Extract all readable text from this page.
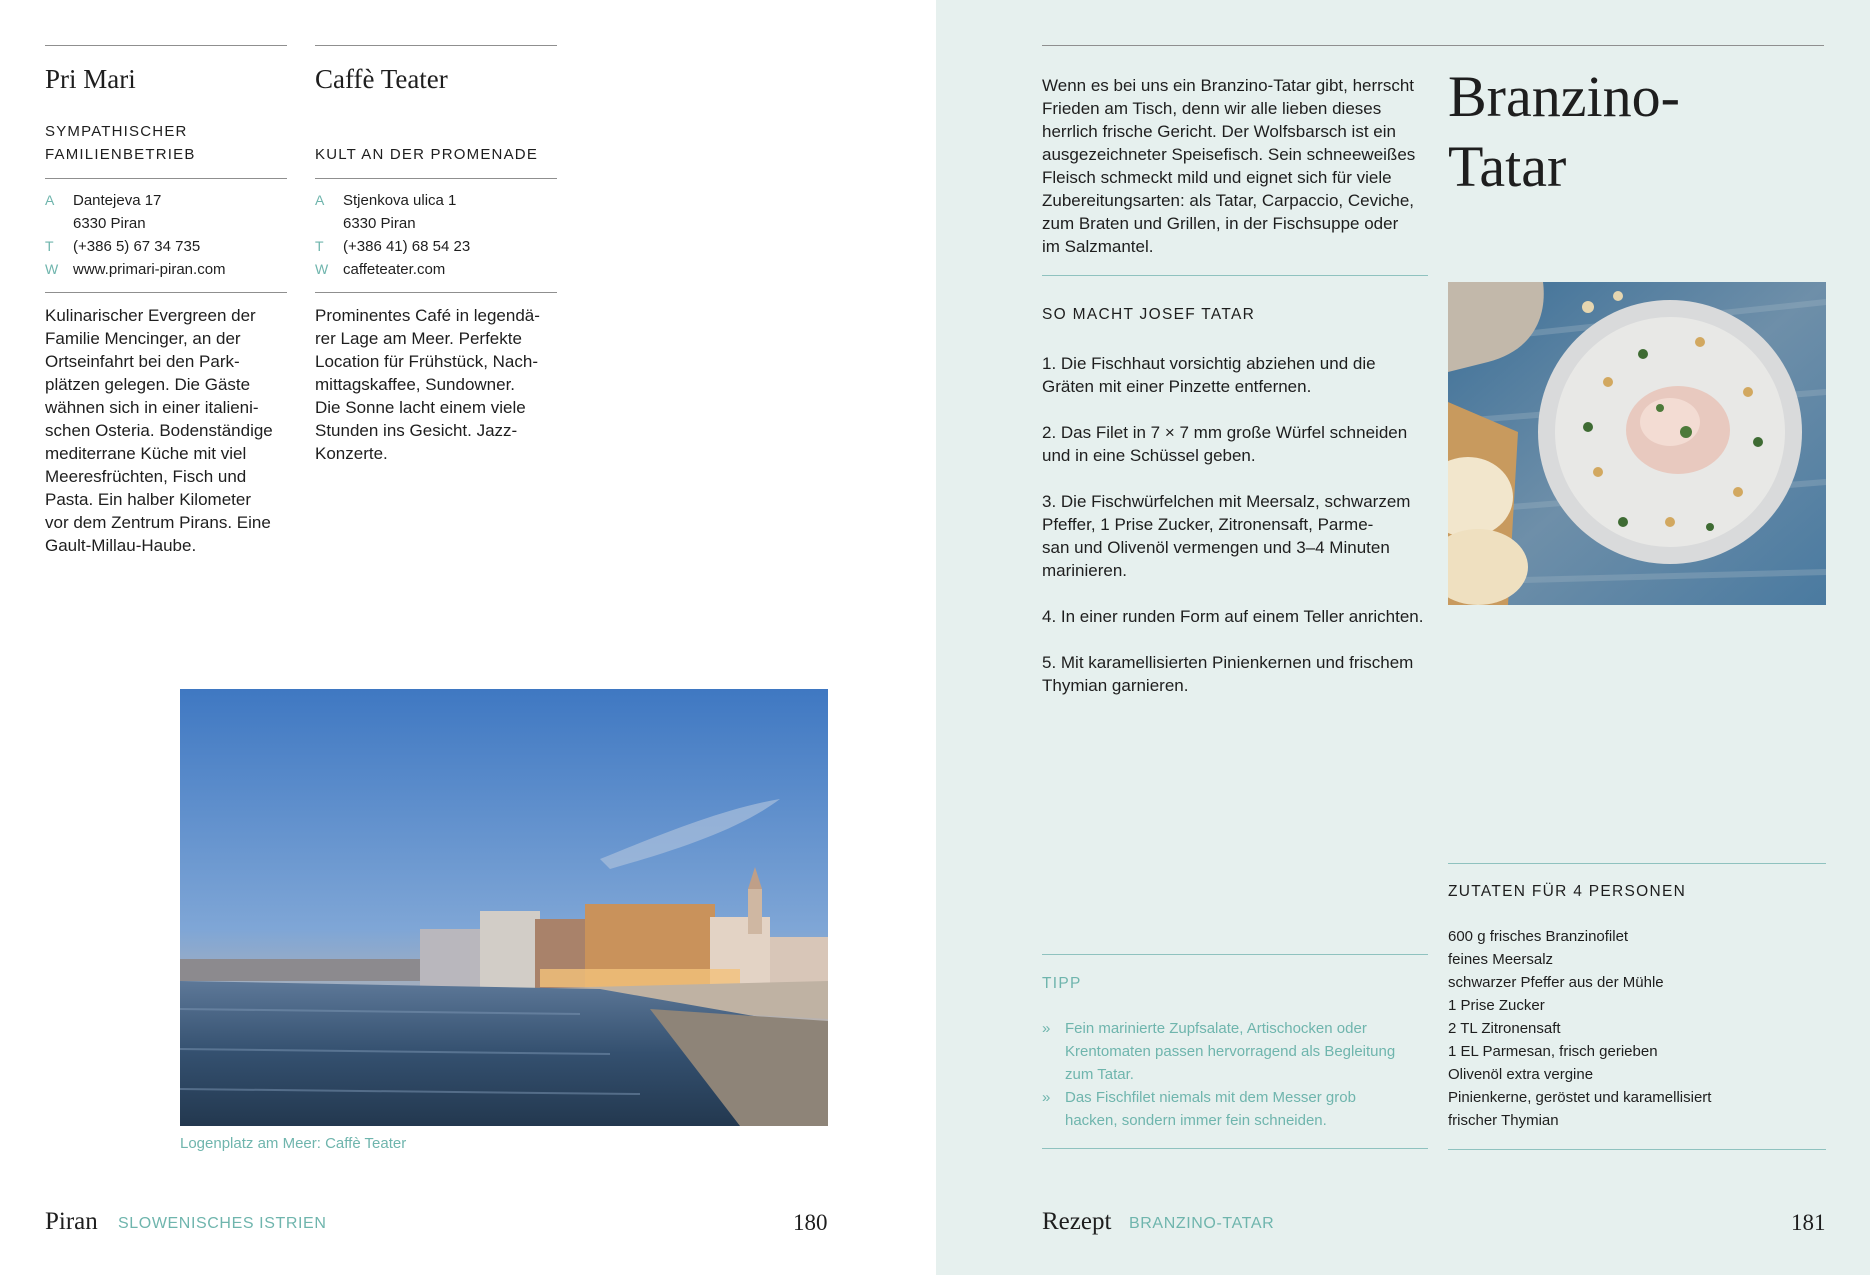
Pri Mari
SYMPATHISCHER
FAMILIENBETRIEB
A	Dantejeva 17
6330 Piran
T	(+386 5) 67 34 735
W www.primari-piran.com
Kulinarischer Evergreen der
Familie Mencinger, an der
Ortseinfahrt bei den Park-
plätzen gelegen. Die Gäste
wähnen sich in einer italieni-
schen Osteria. Bodenständige
mediterrane Küche mit viel
Meeresfrüchten, Fisch und
Pasta. Ein halber Kilometer
vor dem Zentrum Pirans. Eine
Gault-Millau-Haube.
Caffè Teater
KULT AN DER PROMENADE
A	Stjenkova ulica 1
6330 Piran
T	(+386 41) 68 54 23
W caffeteater.com
Prominentes Café in legendä-
rer Lage am Meer. Perfekte
Location für Frühstück, Nach-
mittagskaffee, Sundowner.
Die Sonne lacht einem viele
Stunden ins Gesicht. Jazz-
Konzerte.
Logenplatz am Meer: Caffè Teater
Piran SLOWENISCHES ISTRIEN	180
Wenn es bei uns ein Branzino-Tatar gibt, herrscht
Frieden am Tisch, denn wir alle lieben dieses
herrlich frische Gericht. Der Wolfsbarsch ist ein
ausgezeichneter Speisefisch. Sein schneeweißes
Fleisch schmeckt mild und eignet sich für viele
Zubereitungsarten: als Tatar, Carpaccio, Ceviche,
zum Braten und Grillen, in der Fischsuppe oder
im Salzmantel.
Branzino-
Tatar
SO MACHT JOSEF TATAR
1. Die Fischhaut vorsichtig abziehen und die
Gräten mit einer Pinzette entfernen.
2. Das Filet in 7 × 7 mm große Würfel schneiden
und in eine Schüssel geben.
3. Die Fischwürfelchen mit Meersalz, schwarzem
Pfeffer, 1 Prise Zucker, Zitronensaft, Parme-
san und Olivenöl vermengen und 3–4 Minuten
marinieren.
4. In einer runden Form auf einem Teller anrichten.
5. Mit karamellisierten Pinienkernen und frischem
Thymian garnieren.
TIPP
» Fein marinierte Zupfsalate, Artischocken oder
Krentomaten passen hervorragend als Begleitung
zum Tatar.
» Das Fischfilet niemals mit dem Messer grob
hacken, sondern immer fein schneiden.
ZUTATEN FÜR 4 PERSONEN
600 g frisches Branzinofilet
feines Meersalz
schwarzer Pfeffer aus der Mühle
1 Prise Zucker
2 TL Zitronensaft
1 EL Parmesan, frisch gerieben
Olivenöl extra vergine
Pinienkerne, geröstet und karamellisiert
frischer Thymian
Rezept BRANZINO-TATAR	181
